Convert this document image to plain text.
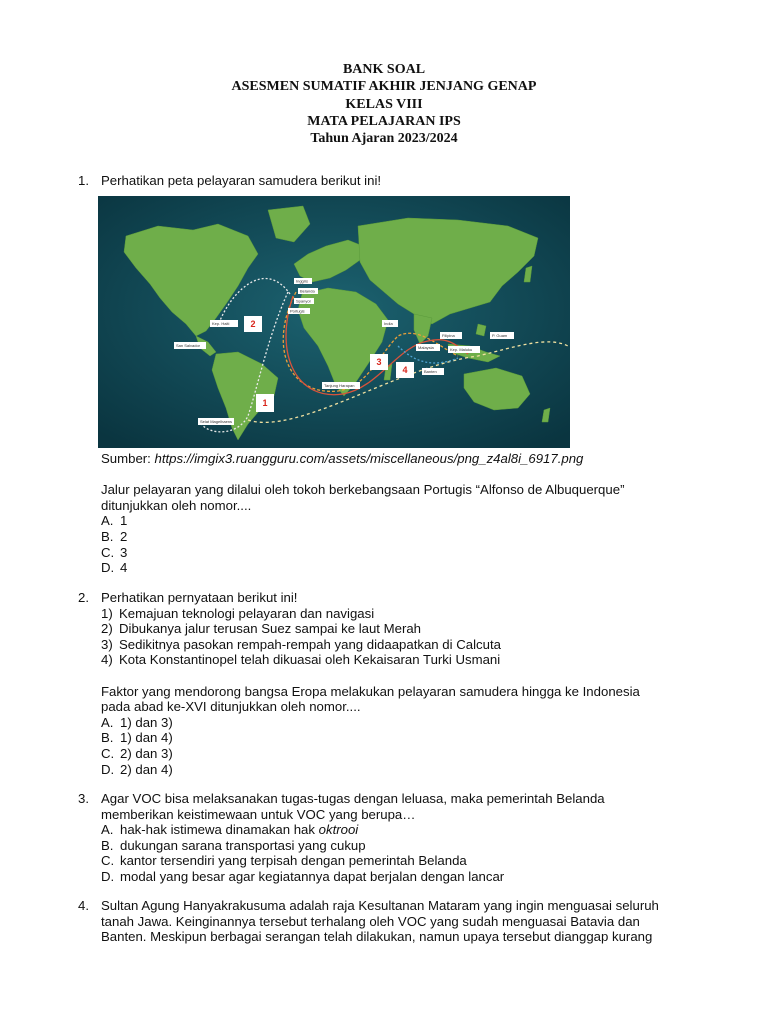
BANK SOAL
ASESMEN SUMATIF AKHIR JENJANG GENAP
KELAS VIII
MATA PELAJARAN IPS
Tahun Ajaran 2023/2024
1. Perhatikan peta pelayaran samudera berikut ini!
Inggris
Belanda
Spanyol
Portugis
Kep. Haiti
San Salvador
Selat Magelhaens
Tanjung Harapan
India
Malaysia
Filipina
Kep. Maluku
Banten
P. Guam
1
2
3
4
Sumber: https://imgix3.ruangguru.com/assets/miscellaneous/png_z4al8i_6917.png
Jalur pelayaran yang dilalui oleh tokoh berkebangsaan Portugis “Alfonso de Albuquerque”
ditunjukkan oleh nomor....
A. 1
B. 2
C. 3
D. 4
2. Perhatikan pernyataan berikut ini!
1) Kemajuan teknologi pelayaran dan navigasi
2) Dibukanya jalur terusan Suez sampai ke laut Merah
3) Sedikitnya pasokan rempah-rempah yang didaapatkan di Calcuta
4) Kota Konstantinopel telah dikuasai oleh Kekaisaran Turki Usmani
Faktor yang mendorong bangsa Eropa melakukan pelayaran samudera hingga ke Indonesia
pada abad ke-XVI ditunjukkan oleh nomor....
A. 1) dan 3)
B. 1) dan 4)
C. 2) dan 3)
D. 2) dan 4)
3. Agar VOC bisa melaksanakan tugas-tugas dengan leluasa, maka pemerintah Belanda
memberikan keistimewaan untuk VOC yang berupa…
A. hak-hak istimewa dinamakan hak oktrooi
B. dukungan sarana transportasi yang cukup
C. kantor tersendiri yang terpisah dengan pemerintah Belanda
D. modal yang besar agar kegiatannya dapat berjalan dengan lancar
4. Sultan Agung Hanyakrakusuma adalah raja Kesultanan Mataram yang ingin menguasai seluruh
tanah Jawa. Keinginannya tersebut terhalang oleh VOC yang sudah menguasai Batavia dan
Banten. Meskipun berbagai serangan telah dilakukan, namun upaya tersebut dianggap kurang
